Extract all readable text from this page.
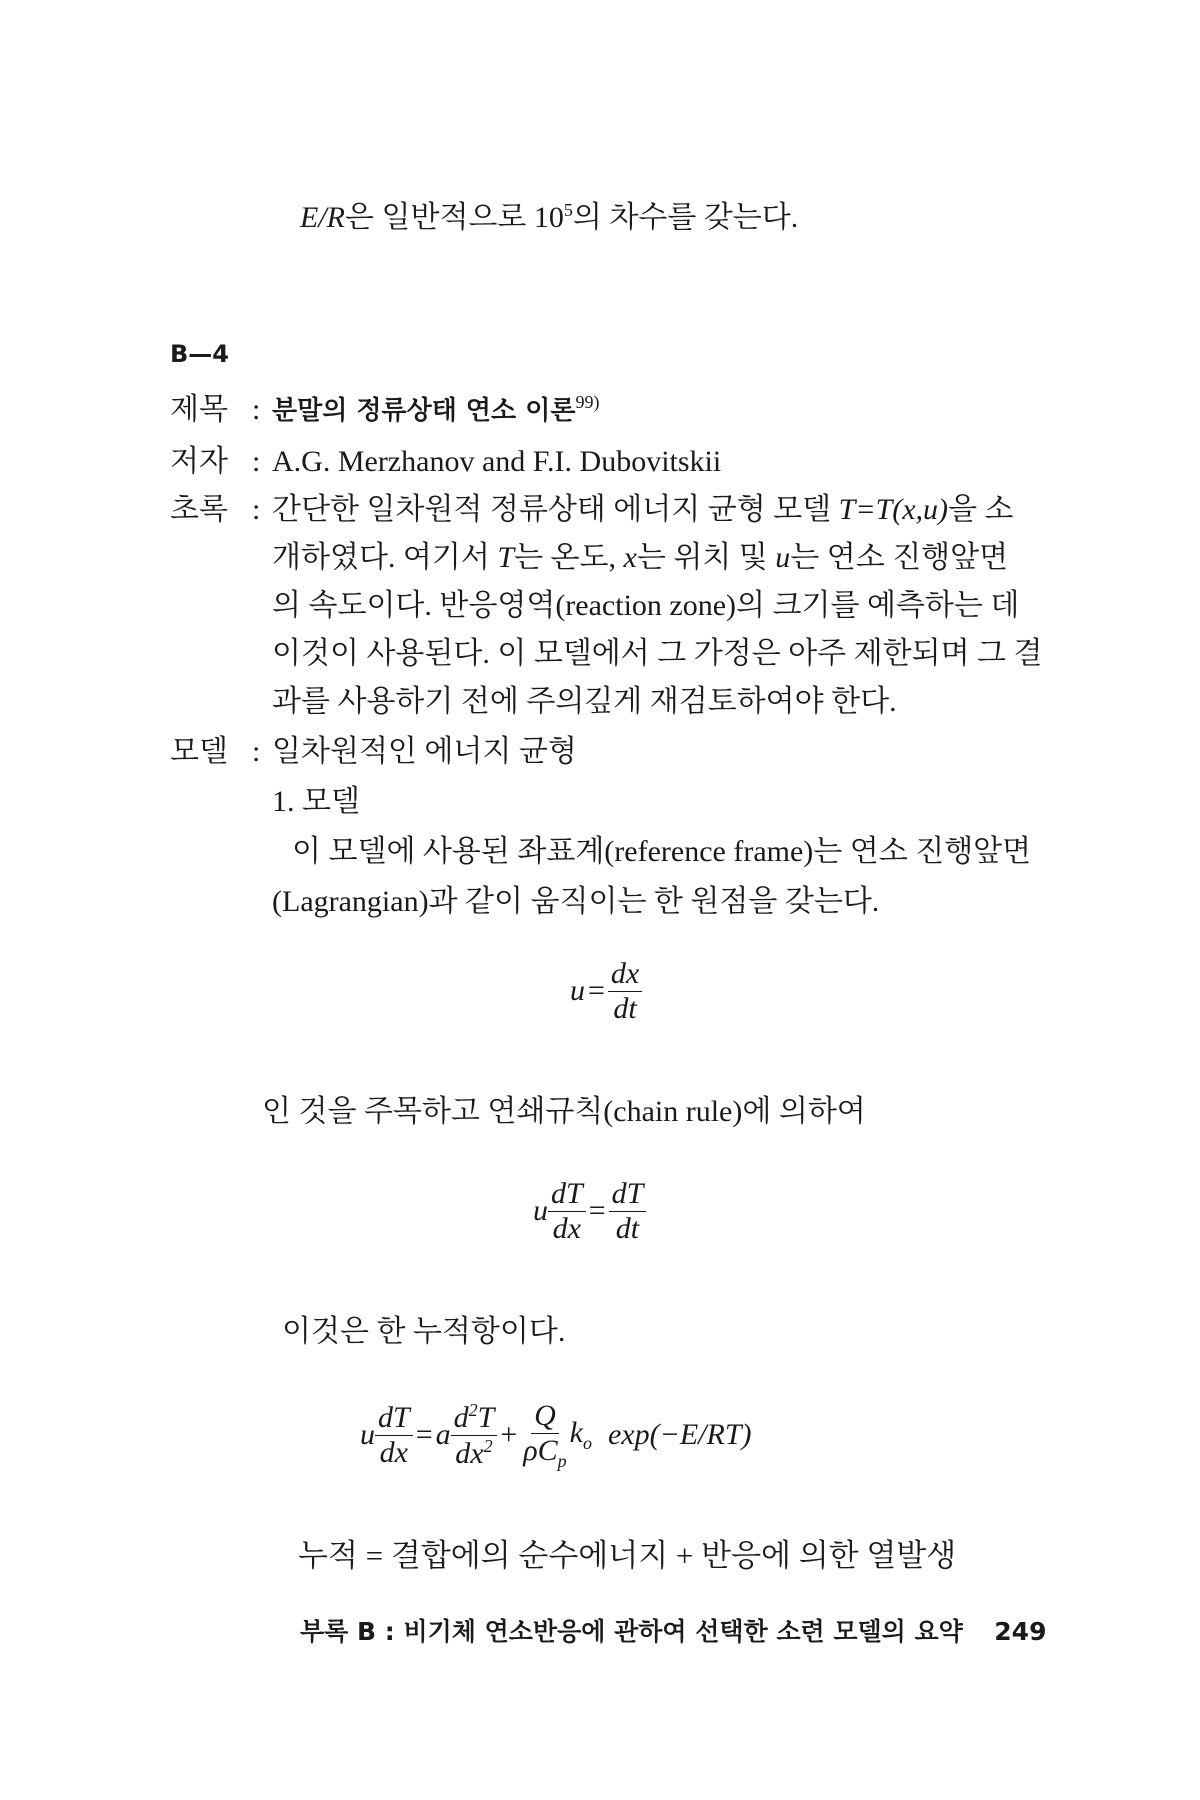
E/R은 일반적으로 $10^5$의 차수를 갖는다.
B—4
제목 : 분말의 정류상태 연소 이론$^{99)}$
저자 : A.G. Merzhanov and F.I. Dubovitskii
초록 : 간단한 일차원적 정류상태 에너지 균형 모델 T=T(x,u)을 소
개하였다. 여기서 T는 온도, x는 위치 및 u는 연소 진행앞면
의 속도이다. 반응영역(reaction zone)의 크기를 예측하는 데
이것이 사용된다. 이 모델에서 그 가정은 아주 제한되며 그 결
과를 사용하기 전에 주의깊게 재검토하여야 한다.
모델 : 일차원적인 에너지 균형
1. 모델
이 모델에 사용된 좌표계(reference frame)는 연소 진행앞면
(Lagrangian)과 같이 움직이는 한 원점을 갖는다.
$u = \frac{dx}{dt}$
인 것을 주목하고 연쇄규칙(chain rule)에 의하여
u $\frac{dT}{dx} = \frac{dT}{dt}$
이것은 한 누적항이다.
u $\frac{dT}{dx} = a \frac{d^2T}{dx^2} + \frac{Q}{\rho C_p} k_o$ exp(−E/RT)
누적 = 결합에의 순수에너지 + 반응에 의한 열발생
부록 B : 비기체 연소반응에 관하여 선택한 소련 모델의 요약 249
